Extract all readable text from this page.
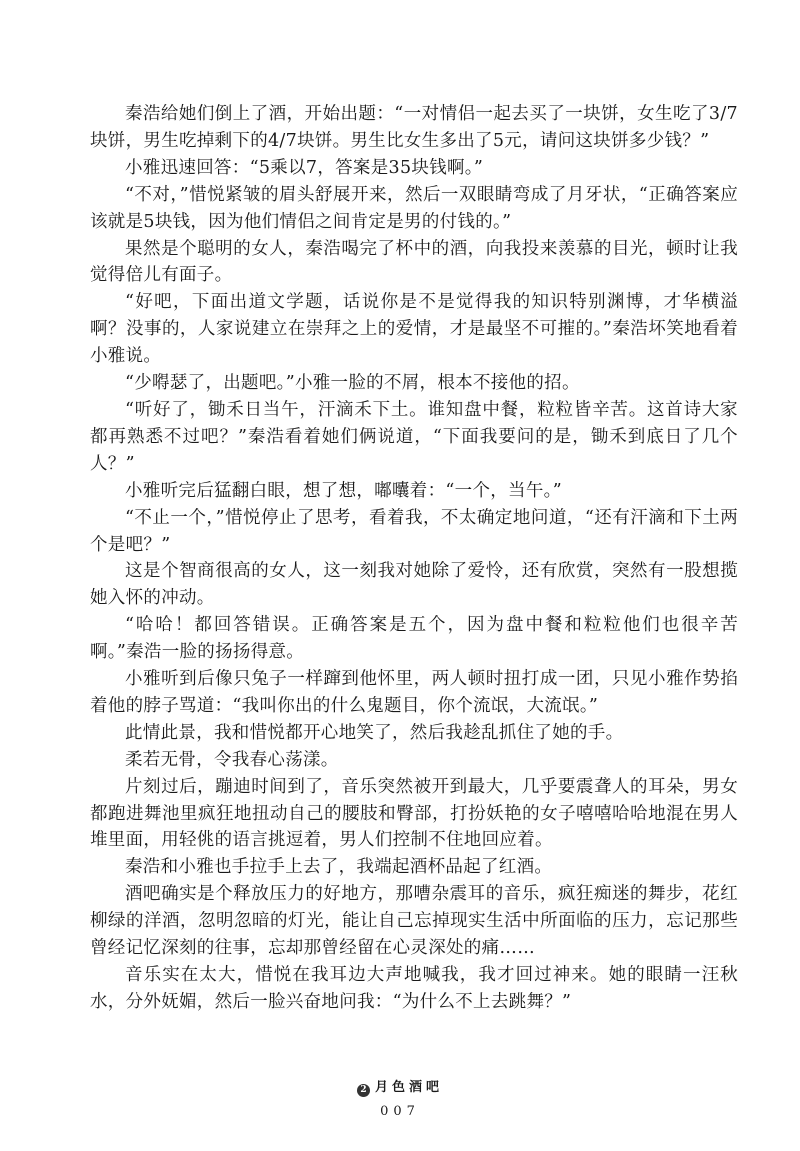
秦浩给她们倒上了酒，开始出题：“一对情侣一起去买了一块饼，女生吃了3/7块饼，男生吃掉剩下的4/7块饼。男生比女生多出了5元，请问这块饼多少钱？”

小雅迅速回答：“5乘以7，答案是35块钱啊。”

“不对，”惜悦紧皱的眉头舒展开来，然后一双眼睛弯成了月牙状，“正确答案应该就是5块钱，因为他们情侣之间肯定是男的付钱的。”

果然是个聪明的女人，秦浩喝完了杯中的酒，向我投来羡慕的目光，顿时让我觉得倍儿有面子。

“好吧，下面出道文学题，话说你是不是觉得我的知识特别渊博，才华横溢啊？没事的，人家说建立在崇拜之上的爱情，才是最坚不可摧的。”秦浩坏笑地看着小雅说。

“少嘚瑟了，出题吧。”小雅一脸的不屑，根本不接他的招。

“听好了，锄禾日当午，汗滴禾下土。谁知盘中餐，粒粒皆辛苦。这首诗大家都再熟悉不过吧？”秦浩看着她们俩说道，“下面我要问的是，锄禾到底日了几个人？”

小雅听完后猛翻白眼，想了想，嘟囔着：“一个，当午。”

“不止一个，”惜悦停止了思考，看着我，不太确定地问道，“还有汗滴和下土两个是吧？”

这是个智商很高的女人，这一刻我对她除了爱怜，还有欣赏，突然有一股想揽她入怀的冲动。

“哈哈！都回答错误。正确答案是五个，因为盘中餐和粒粒他们也很辛苦啊。”秦浩一脸的扬扬得意。

小雅听到后像只兔子一样蹿到他怀里，两人顿时扭打成一团，只见小雅作势掐着他的脖子骂道：“我叫你出的什么鬼题目，你个流氓，大流氓。”

此情此景，我和惜悦都开心地笑了，然后我趁乱抓住了她的手。

柔若无骨，令我春心荡漾。

片刻过后，蹦迪时间到了，音乐突然被开到最大，几乎要震聋人的耳朵，男女都跑进舞池里疯狂地扭动自己的腰肢和臀部，打扮妖艳的女子嘻嘻哈哈地混在男人堆里面，用轻佻的语言挑逗着，男人们控制不住地回应着。

秦浩和小雅也手拉手上去了，我端起酒杯品起了红酒。

酒吧确实是个释放压力的好地方，那嘈杂震耳的音乐，疯狂痴迷的舞步，花红柳绿的洋酒，忽明忽暗的灯光，能让自己忘掉现实生活中所面临的压力，忘记那些曾经记忆深刻的往事，忘却那曾经留在心灵深处的痛……

音乐实在太大，惜悦在我耳边大声地喊我，我才回过神来。她的眼睛一汪秋水，分外妩媚，然后一脸兴奋地问我：“为什么不上去跳舞？”

2 月色酒吧
007
